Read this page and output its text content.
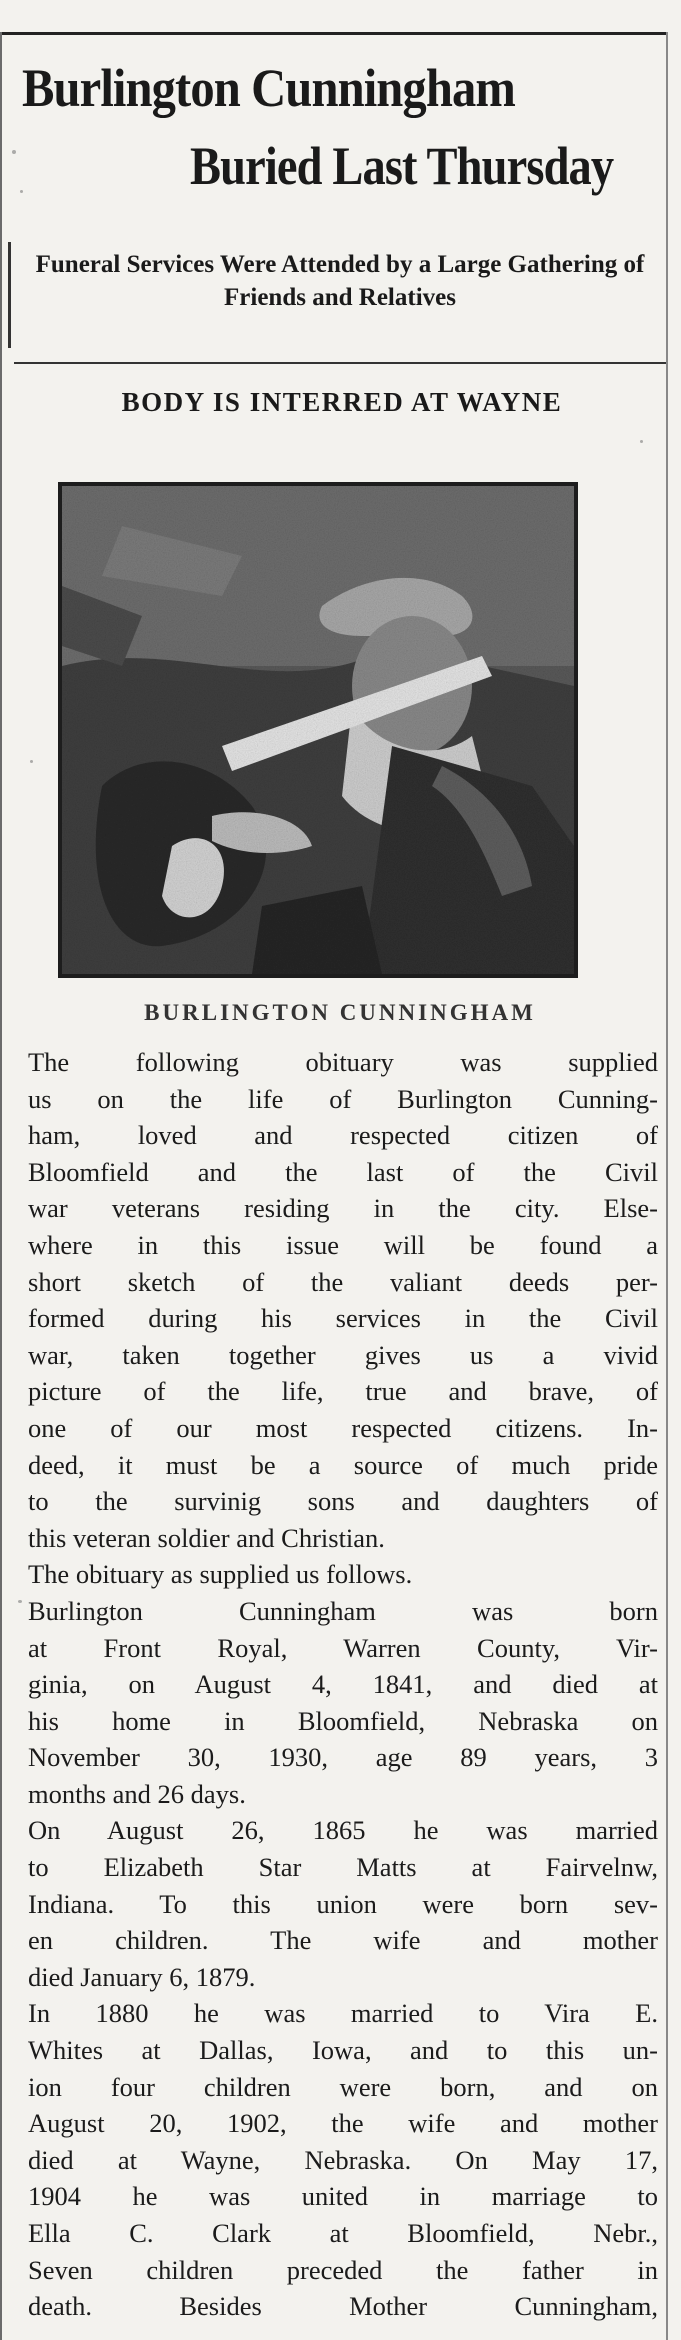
Burlington Cunningham
Buried Last Thursday
Funeral Services Were Attended by a Large Gathering of Friends and Relatives
BODY IS INTERRED AT WAYNE
BURLINGTON CUNNINGHAM
The following obituary was supplied
us on the life of Burlington Cunning-
ham, loved and respected citizen of
Bloomfield and the last of the Civil
war veterans residing in the city. Else-
where in this issue will be found a
short sketch of the valiant deeds per-
formed during his services in the Civil
war, taken together gives us a vivid
picture of the life, true and brave, of
one of our most respected citizens. In-
deed, it must be a source of much pride
to the survinig sons and daughters of
this veteran soldier and Christian.
The obituary as supplied us follows.
Burlington Cunningham was born
at Front Royal, Warren County, Vir-
ginia, on August 4, 1841, and died at
his home in Bloomfield, Nebraska on
November 30, 1930, age 89 years, 3
months and 26 days.
On August 26, 1865 he was married
to Elizabeth Star Matts at Fairvelnw,
Indiana. To this union were born sev-
en children. The wife and mother
died January 6, 1879.
In 1880 he was married to Vira E.
Whites at Dallas, Iowa, and to this un-
ion four children were born, and on
August 20, 1902, the wife and mother
died at Wayne, Nebraska. On May 17,
1904 he was united in marriage to
Ella C. Clark at Bloomfield, Nebr.,
Seven children preceded the father in
death. Besides Mother Cunningham,
